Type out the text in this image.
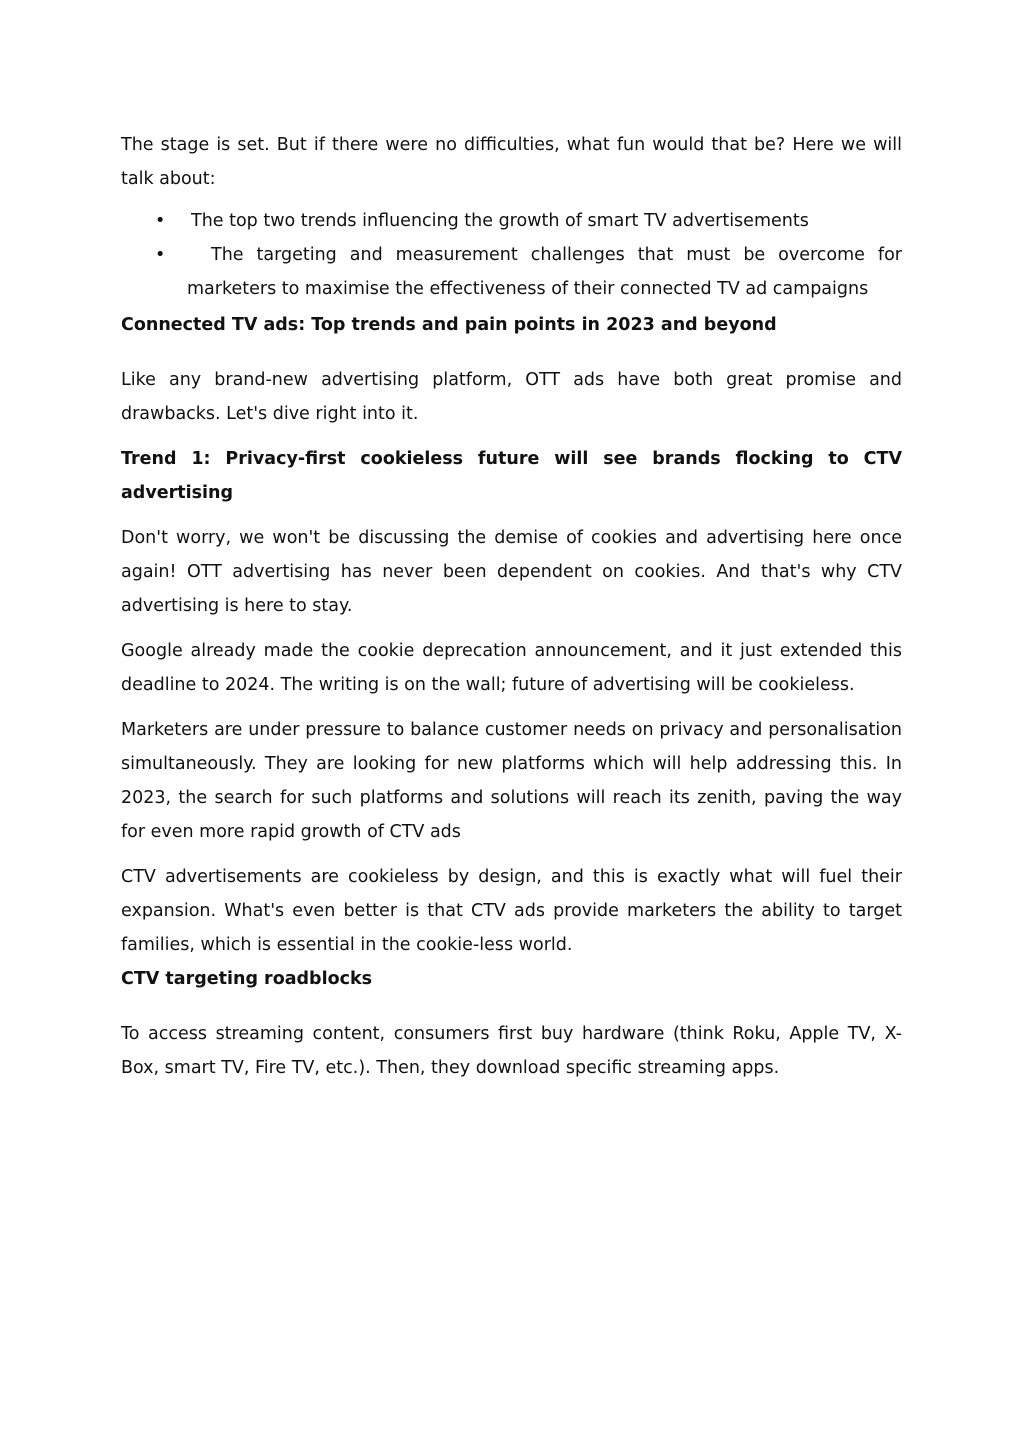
The stage is set. But if there were no difficulties, what fun would that be? Here we will talk about:

• The top two trends influencing the growth of smart TV advertisements
•	The targeting and measurement challenges that must be overcome for marketers to maximise the effectiveness of their connected TV ad campaigns
Connected TV ads: Top trends and pain points in 2023 and beyond

Like any brand-new advertising platform, OTT ads have both great promise and drawbacks. Let's dive right into it.

Trend 1: Privacy-first cookieless future will see brands flocking to CTV advertising

Don't worry, we won't be discussing the demise of cookies and advertising here once again! OTT advertising has never been dependent on cookies. And that's why CTV advertising is here to stay.

Google already made the cookie deprecation announcement, and it just extended this deadline to 2024. The writing is on the wall; future of advertising will be cookieless.

Marketers are under pressure to balance customer needs on privacy and personalisation simultaneously. They are looking for new platforms which will help addressing this. In 2023, the search for such platforms and solutions will reach its zenith, paving the way for even more rapid growth of CTV ads

CTV advertisements are cookieless by design, and this is exactly what will fuel their expansion. What's even better is that CTV ads provide marketers the ability to target families, which is essential in the cookie-less world.

CTV targeting roadblocks

To access streaming content, consumers first buy hardware (think Roku, Apple TV, X-Box, smart TV, Fire TV, etc.). Then, they download specific streaming apps.
